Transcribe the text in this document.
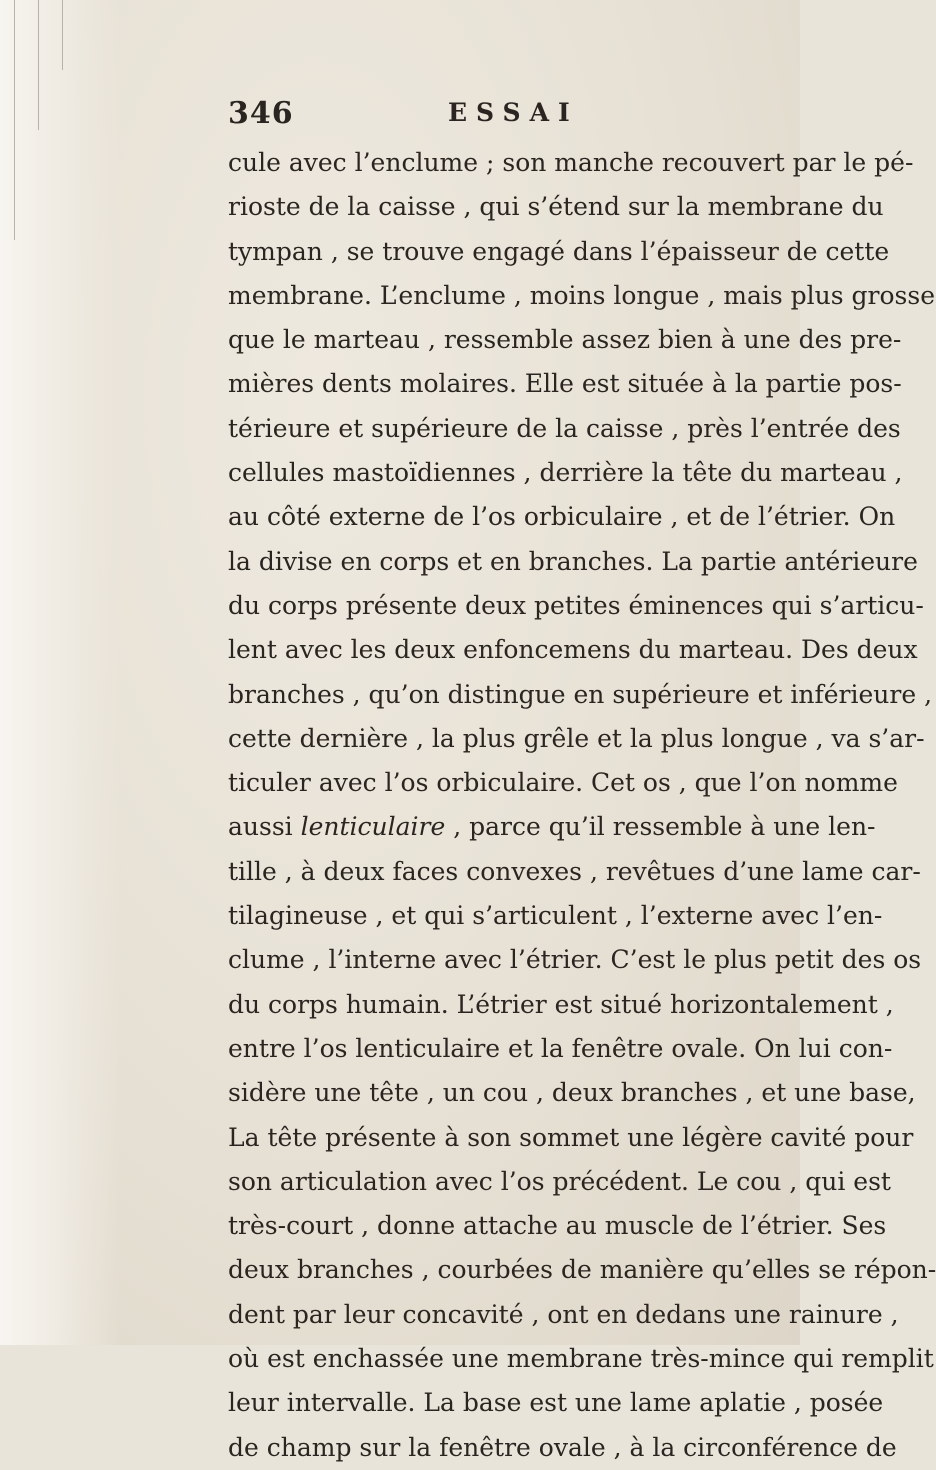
346	ESSAI
cule avec l’enclume ; son manche recouvert par le pé-
rioste de la caisse , qui s’étend sur la membrane du
tympan , se trouve engagé dans l’épaisseur de cette
membrane. L’enclume , moins longue , mais plus grosse
que le marteau , ressemble assez bien à une des pre-
mières dents molaires. Elle est située à la partie pos-
térieure et supérieure de la caisse , près l’entrée des
cellules mastoïdiennes , derrière la tête du marteau ,
au côté externe de l’os orbiculaire , et de l’étrier. On
la divise en corps et en branches. La partie antérieure
du corps présente deux petites éminences qui s’articu-
lent avec les deux enfoncemens du marteau. Des deux
branches , qu’on distingue en supérieure et inférieure ,
cette dernière , la plus grêle et la plus longue , va s’ar-
ticuler avec l’os orbiculaire. Cet os , que l’on nomme
aussi lenticulaire , parce qu’il ressemble à une len-
tille , à deux faces convexes , revêtues d’une lame car-
tilagineuse , et qui s’articulent , l’externe avec l’en-
clume , l’interne avec l’étrier. C’est le plus petit des os
du corps humain. L’étrier est situé horizontalement ,
entre l’os lenticulaire et la fenêtre ovale. On lui con-
sidère une tête , un cou , deux branches , et une base,
La tête présente à son sommet une légère cavité pour
son articulation avec l’os précédent. Le cou , qui est
très-court , donne attache au muscle de l’étrier. Ses
deux branches , courbées de manière qu’elles se répon-
dent par leur concavité , ont en dedans une rainure ,
où est enchassée une membrane très-mince qui remplit
leur intervalle. La base est une lame aplatie , posée
de champ sur la fenêtre ovale , à la circonférence de
